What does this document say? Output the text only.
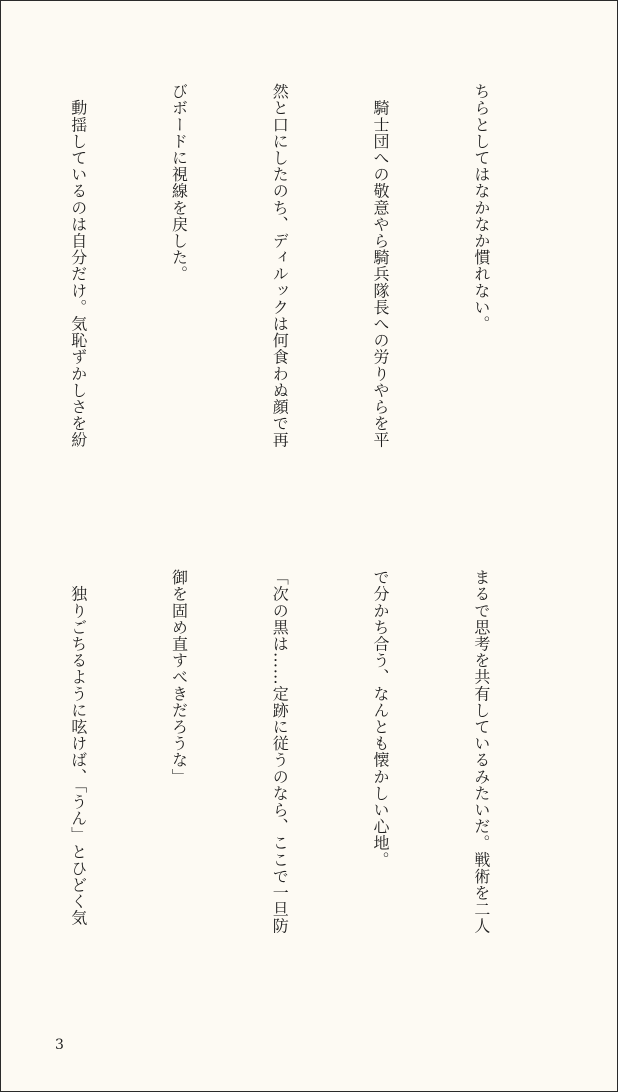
ちらとしてはなかなか慣れない。

　騎士団への敬意やら騎兵隊長への労りやらを平

然と口にしたのち、ディルックは何食わぬ顔で再

びボードに視線を戻した。

　動揺しているのは自分だけ。気恥ずかしさを紛

まるで思考を共有しているみたいだ。戦術を二人

で分かち合う、なんとも懐かしい心地。

「次の黒は……定跡に従うのなら、ここで一旦防

御を固め直すべきだろうな」

　独りごちるように呟けば、「うん」とひどく気

3
